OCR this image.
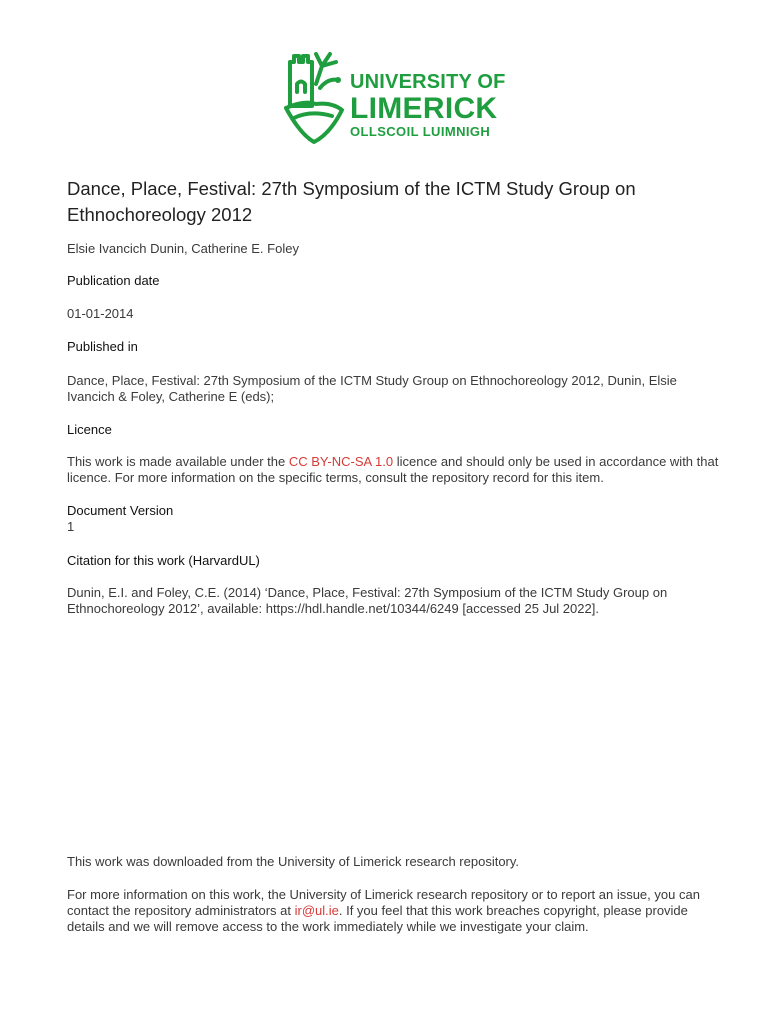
UNIVERSITY OF
LIMERICK
OLLSCOIL LUIMNIGH
Dance, Place, Festival: 27th Symposium of the ICTM Study Group on Ethnochoreology 2012
Elsie Ivancich Dunin, Catherine E. Foley
Publication date
01-01-2014
Published in
Dance, Place, Festival: 27th Symposium of the ICTM Study Group on Ethnochoreology 2012, Dunin, Elsie Ivancich & Foley, Catherine E (eds);
Licence
This work is made available under the CC BY-NC-SA 1.0 licence and should only be used in accordance with that licence. For more information on the specific terms, consult the repository record for this item.
Document Version
1
Citation for this work (HarvardUL)
Dunin, E.I. and Foley, C.E. (2014) ‘Dance, Place, Festival: 27th Symposium of the ICTM Study Group on Ethnochoreology 2012’, available: https://hdl.handle.net/10344/6249 [accessed 25 Jul 2022].
This work was downloaded from the University of Limerick research repository.
For more information on this work, the University of Limerick research repository or to report an issue, you can contact the repository administrators at ir@ul.ie. If you feel that this work breaches copyright, please provide details and we will remove access to the work immediately while we investigate your claim.
